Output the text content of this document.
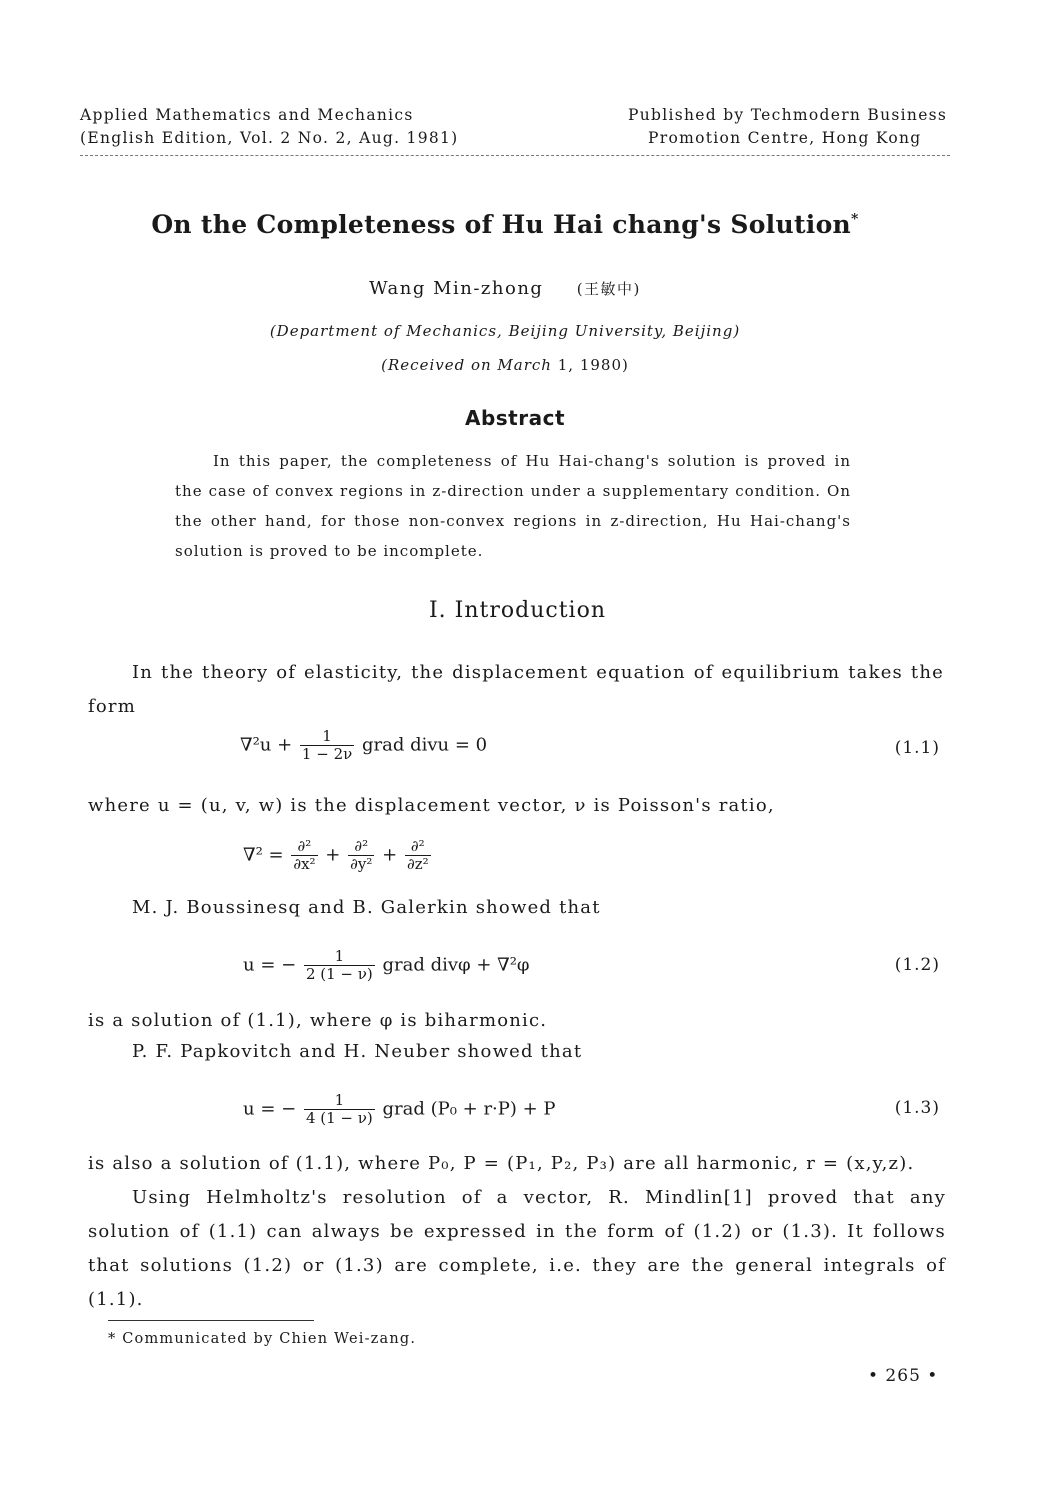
Applied Mathematics and Mechanics
(English Edition, Vol. 2 No. 2, Aug. 1981)
Published by Techmodern Business
Promotion Centre, Hong Kong
On the Completeness of Hu Hai chang's Solution*
Wang Min-zhong (王敏中)
(Department of Mechanics, Beijing University, Beijing)
(Received on March 1, 1980)
Abstract
In this paper, the completeness of Hu Hai-chang's solution is proved in the case of convex regions in z-direction under a supplementary condition. On the other hand, for those non-convex regions in z-direction, Hu Hai-chang's solution is proved to be incomplete.
I. Introduction
In the theory of elasticity, the displacement equation of equilibrium takes the form
$\nabla^2u + \frac{1}{1 - 2\nu}$ grad divu = 0	(1.1)
where u = (u, v, w) is the displacement vector, ν is Poisson's ratio,
$\nabla^2 = \frac{\text{∂²}}{\text{∂x²}} + \frac{\text{∂²}}{\text{∂y²}} + \frac{\text{∂²}}{\text{∂z²}}$
M. J. Boussinesq and B. Galerkin showed that
u = − $\frac{1}{2 (1 - \nu)}$ grad divφ + ∇²φ	(1.2)
is a solution of (1.1), where φ is biharmonic.
P. F. Papkovitch and H. Neuber showed that
u = − $\frac{1}{4 (1 - \nu)}$ grad (P₀ + r·P) + P	(1.3)
is also a solution of (1.1), where P₀, P = (P₁, P₂, P₃) are all harmonic, r = (x,y,z).
Using Helmholtz's resolution of a vector, R. Mindlin[1] proved that any solution of (1.1) can always be expressed in the form of (1.2) or (1.3). It follows that solutions (1.2) or (1.3) are complete, i.e. they are the general integrals of (1.1).
* Communicated by Chien Wei-zang.
• 265 •
